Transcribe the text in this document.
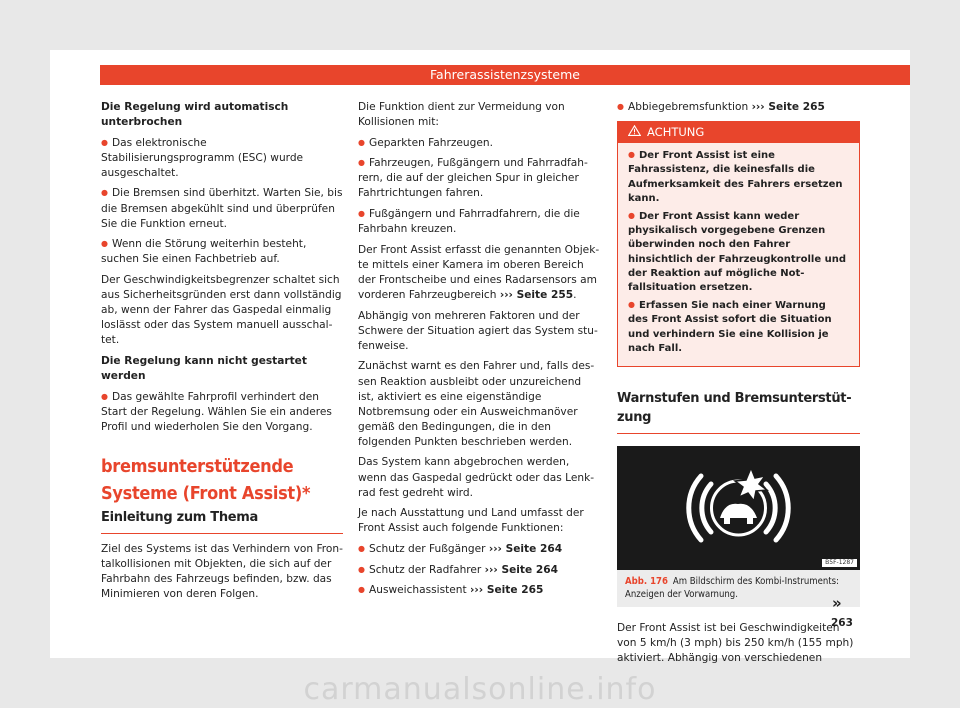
Fahrerassistenzsysteme

Die Regelung wird automatisch unterbrochen

● Das elektronische Stabilisierungsprogramm (ESC) wurde ausgeschaltet.

● Die Bremsen sind überhitzt. Warten Sie, bis die Bremsen abgekühlt sind und überprüfen Sie die Funktion erneut.

● Wenn die Störung weiterhin besteht, suchen Sie einen Fachbetrieb auf.

Der Geschwindigkeitsbegrenzer schaltet sich aus Sicherheitsgründen erst dann vollständig ab, wenn der Fahrer das Gaspedal einmalig loslässt oder das System manuell ausschaltet.

Die Regelung kann nicht gestartet werden

● Das gewählte Fahrprofil verhindert den Start der Regelung. Wählen Sie ein anderes Profil und wiederholen Sie den Vorgang.

bremsunterstützende Systeme (Front Assist)*
Einleitung zum Thema

Ziel des Systems ist das Verhindern von Frontalkollisionen mit Objekten, die sich auf der Fahrbahn des Fahrzeugs befinden, bzw. das Minimieren von deren Folgen.

Die Funktion dient zur Vermeidung von Kollisionen mit:

● Geparkten Fahrzeugen.

● Fahrzeugen, Fußgängern und Fahrradfahrern, die auf der gleichen Spur in gleicher Fahrtrichtungen fahren.

● Fußgängern und Fahrradfahrern, die die Fahrbahn kreuzen.

Der Front Assist erfasst die genannten Objekte mittels einer Kamera im oberen Bereich der Frontscheibe und eines Radarsensors am vorderen Fahrzeugbereich ››› Seite 255.

Abhängig von mehreren Faktoren und der Schwere der Situation agiert das System stufenweise.

Zunächst warnt es den Fahrer und, falls dessen Reaktion ausbleibt oder unzureichend ist, aktiviert es eine eigenständige Notbremsung oder ein Ausweichmanöver gemäß den Bedingungen, die in den folgenden Punkten beschrieben werden.

Das System kann abgebrochen werden, wenn das Gaspedal gedrückt oder das Lenkrad fest gedreht wird.

Je nach Ausstattung und Land umfasst der Front Assist auch folgende Funktionen:

● Schutz der Fußgänger ››› Seite 264

● Schutz der Radfahrer ››› Seite 264

● Ausweichassistent ››› Seite 265

● Abbiegebremsfunktion ››› Seite 265

ACHTUNG

● Der Front Assist ist eine Fahrassistenz, die keinesfalls die Aufmerksamkeit des Fahrers ersetzen kann.

● Der Front Assist kann weder physikalisch vorgegebene Grenzen überwinden noch den Fahrer hinsichtlich der Fahrzeugkontrolle und der Reaktion auf mögliche Notfallsituation ersetzen.

● Erfassen Sie nach einer Warnung des Front Assist sofort die Situation und verhindern Sie eine Kollision je nach Fall.

Warnstufen und Bremsunterstützung
B5F-1287
Abb. 176 Am Bildschirm des Kombi-Instruments: Anzeigen der Vorwarnung.

Der Front Assist ist bei Geschwindigkeiten von 5 km/h (3 mph) bis 250 km/h (155 mph) aktiviert. Abhängig von verschiedenen

»
263
carmanualsonline.info
